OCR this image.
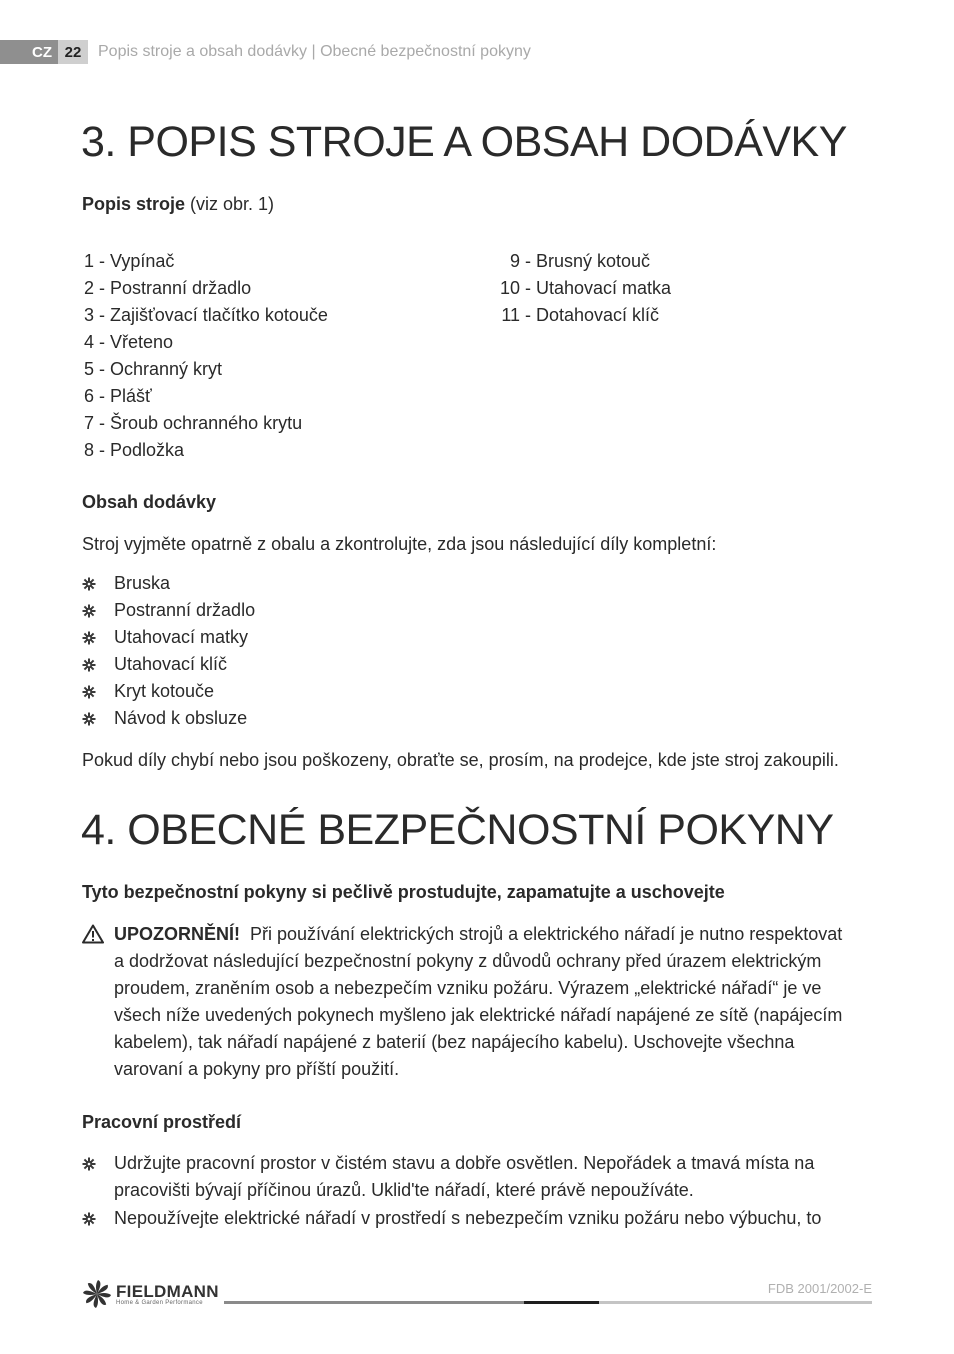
CZ 22	Popis stroje a obsah dodávky | Obecné bezpečnostní pokyny
3. POPIS STROJE A OBSAH DODÁVKY
Popis stroje (viz obr. 1)
1 - Vypínač
2 - Postranní držadlo
3 - Zajišťovací tlačítko kotouče
4 - Vřeteno
5 - Ochranný kryt
6 - Plášť
7 - Šroub ochranného krytu
8 - Podložka
9 - Brusný kotouč
10 - Utahovací matka
11 - Dotahovací klíč
Obsah dodávky
Stroj vyjměte opatrně z obalu a zkontrolujte, zda jsou následující díly kompletní:
Bruska
Postranní držadlo
Utahovací matky
Utahovací klíč
Kryt kotouče
Návod k obsluze
Pokud díly chybí nebo jsou poškozeny, obraťte se, prosím, na prodejce, kde jste stroj zakoupili.
4. OBECNÉ BEZPEČNOSTNÍ POKYNY
Tyto bezpečnostní pokyny si pečlivě prostudujte, zapamatujte a uschovejte
UPOZORNĚNÍ!  Při používání elektrických strojů a elektrického nářadí je nutno respektovat
a dodržovat následující bezpečnostní pokyny z důvodů ochrany před úrazem elektrickým
proudem, zraněním osob a nebezpečím vzniku požáru. Výrazem „elektrické nářadí“ je ve
všech níže uvedených pokynech myšleno jak elektrické nářadí napájené ze sítě (napájecím
kabelem), tak nářadí napájené z baterií (bez napájecího kabelu). Uschovejte všechna
varovaní a pokyny pro příští použití.
Pracovní prostředí
Udržujte pracovní prostor v čistém stavu a dobře osvětlen. Nepořádek a tmavá místa na
pracovišti bývají příčinou úrazů. Uklid'te nářadí, které právě nepoužíváte.
Nepoužívejte elektrické nářadí v prostředí s nebezpečím vzniku požáru nebo výbuchu, to
FIELDMANN
Home & Garden Performance
FDB 2001/2002-E
